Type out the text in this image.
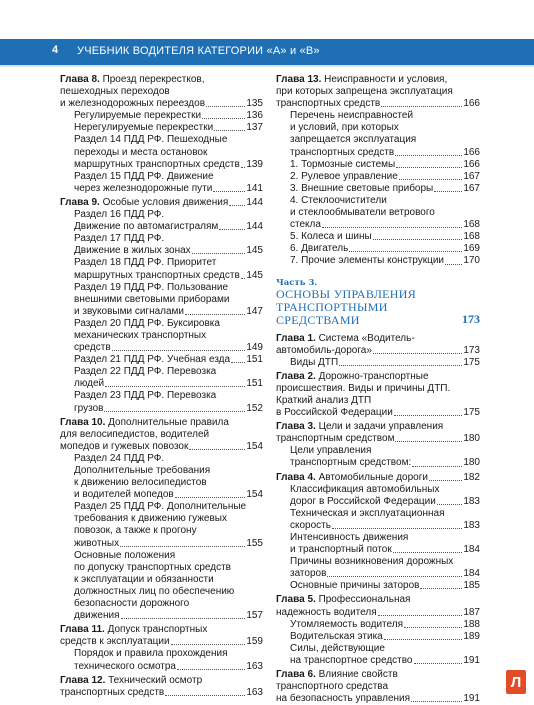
4 УЧЕБНИК ВОДИТЕЛЯ КАТЕГОРИИ «А» и «В»
Глава 8. Проезд перекрестков,
пешеходных переходов
и железнодорожных переездов	135
Регулируемые перекрестки	136
Нерегулируемые перекрестки	137
Раздел 14 ПДД РФ. Пешеходные
переходы и места остановок
маршрутных транспортных средств 139
Раздел 15 ПДД РФ. Движение
через железнодорожные пути	141
Глава 9. Особые условия движения 144
Раздел 16 ПДД РФ.
Движение по автомагистралям	144
Раздел 17 ПДД РФ.
Движение в жилых зонах	145
Раздел 18 ПДД РФ. Приоритет
маршрутных транспортных средств 145
Раздел 19 ПДД РФ. Пользование
внешними световыми приборами
и звуковыми сигналами	147
Раздел 20 ПДД РФ. Буксировка
механических транспортных
средств	149
Раздел 21 ПДД РФ. Учебная езда 151
Раздел 22 ПДД РФ. Перевозка
людей	151
Раздел 23 ПДД РФ. Перевозка
грузов	152
Глава 10. Дополнительные правила
для велосипедистов, водителей
мопедов и гужевых повозок	154
Раздел 24 ПДД РФ.
Дополнительные требования
к движению велосипедистов
и водителей мопедов	154
Раздел 25 ПДД РФ. Дополнительные
требования к движению гужевых
повозок, а также к прогону
животных	155
Основные положения
по допуску транспортных средств
к эксплуатации и обязанности
должностных лиц по обеспечению
безопасности дорожного
движения	157
Глава 11. Допуск транспортных
средств к эксплуатации	159
Порядок и правила прохождения
технического осмотра	163
Глава 12. Технический осмотр
транспортных средств	163
Глава 13. Неисправности и условия,
при которых запрещена эксплуатация
транспортных средств	166
Перечень неисправностей
и условий, при которых
запрещается эксплуатация
транспортных средств	166
1. Тормозные системы	166
2. Рулевое управление	167
3. Внешние световые приборы	167
4. Стеклоочистители
и стеклообмыватели ветрового
стекла	168
5. Колеса и шины	168
6. Двигатель	169
7. Прочие элементы конструкции 170
Часть 3.
ОСНОВЫ УПРАВЛЕНИЯ
ТРАНСПОРТНЫМИ
СРЕДСТВАМИ	173
Глава 1. Система «Водитель-
автомобиль-дорога»	173
Виды ДТП	175
Глава 2. Дорожно-транспортные
происшествия. Виды и причины ДТП.
Краткий анализ ДТП
в Российской Федерации	175
Глава 3. Цели и задачи управления
транспортным средством	180
Цели управления
транспортным средством:	180
Глава 4. Автомобильные дороги	182
Классификация автомобильных
дорог в Российской Федерации	183
Техническая и эксплуатационная
скорость	183
Интенсивность движения
и транспортный поток	184
Причины возникновения дорожных
заторов	184
Основные причины заторов	185
Глава 5. Профессиональная
надежность водителя	187
Утомляемость водителя	188
Водительская этика	189
Силы, действующие
на транспортное средство	191
Глава 6. Влияние свойств
транспортного средства
на безопасность управления	191
Л
